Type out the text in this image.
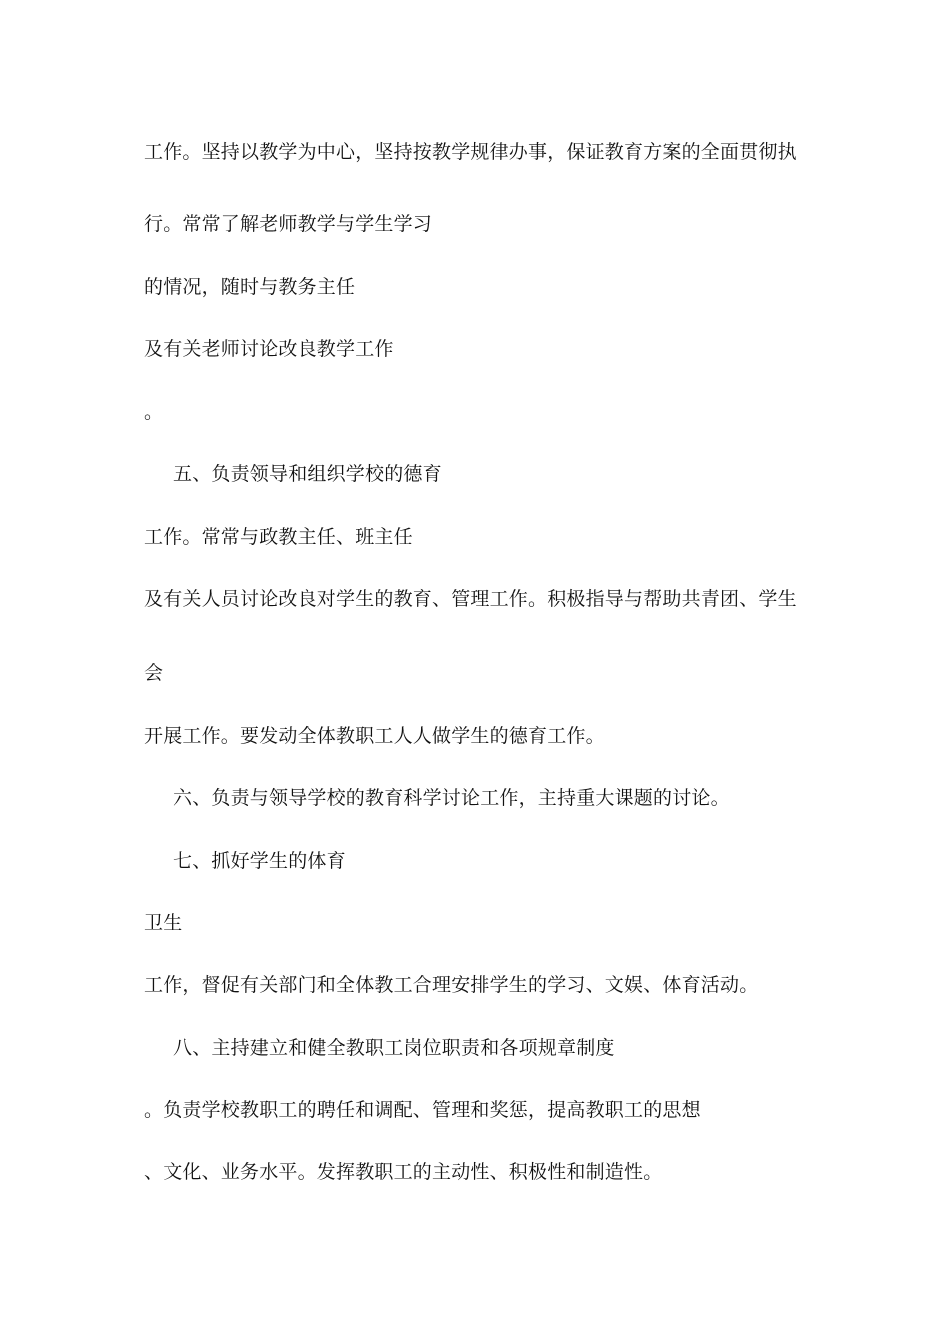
工作。坚持以教学为中心，坚持按教学规律办事，保证教育方案的全面贯彻执
行。常常了解老师教学与学生学习
的情况，随时与教务主任
及有关老师讨论改良教学工作
。
五、负责领导和组织学校的德育
工作。常常与政教主任、班主任
及有关人员讨论改良对学生的教育、管理工作。积极指导与帮助共青团、学生
会
开展工作。要发动全体教职工人人做学生的德育工作。
六、负责与领导学校的教育科学讨论工作，主持重大课题的讨论。
七、抓好学生的体育
卫生
工作，督促有关部门和全体教工合理安排学生的学习、文娱、体育活动。
八、主持建立和健全教职工岗位职责和各项规章制度
。负责学校教职工的聘任和调配、管理和奖惩，提高教职工的思想
、文化、业务水平。发挥教职工的主动性、积极性和制造性。
